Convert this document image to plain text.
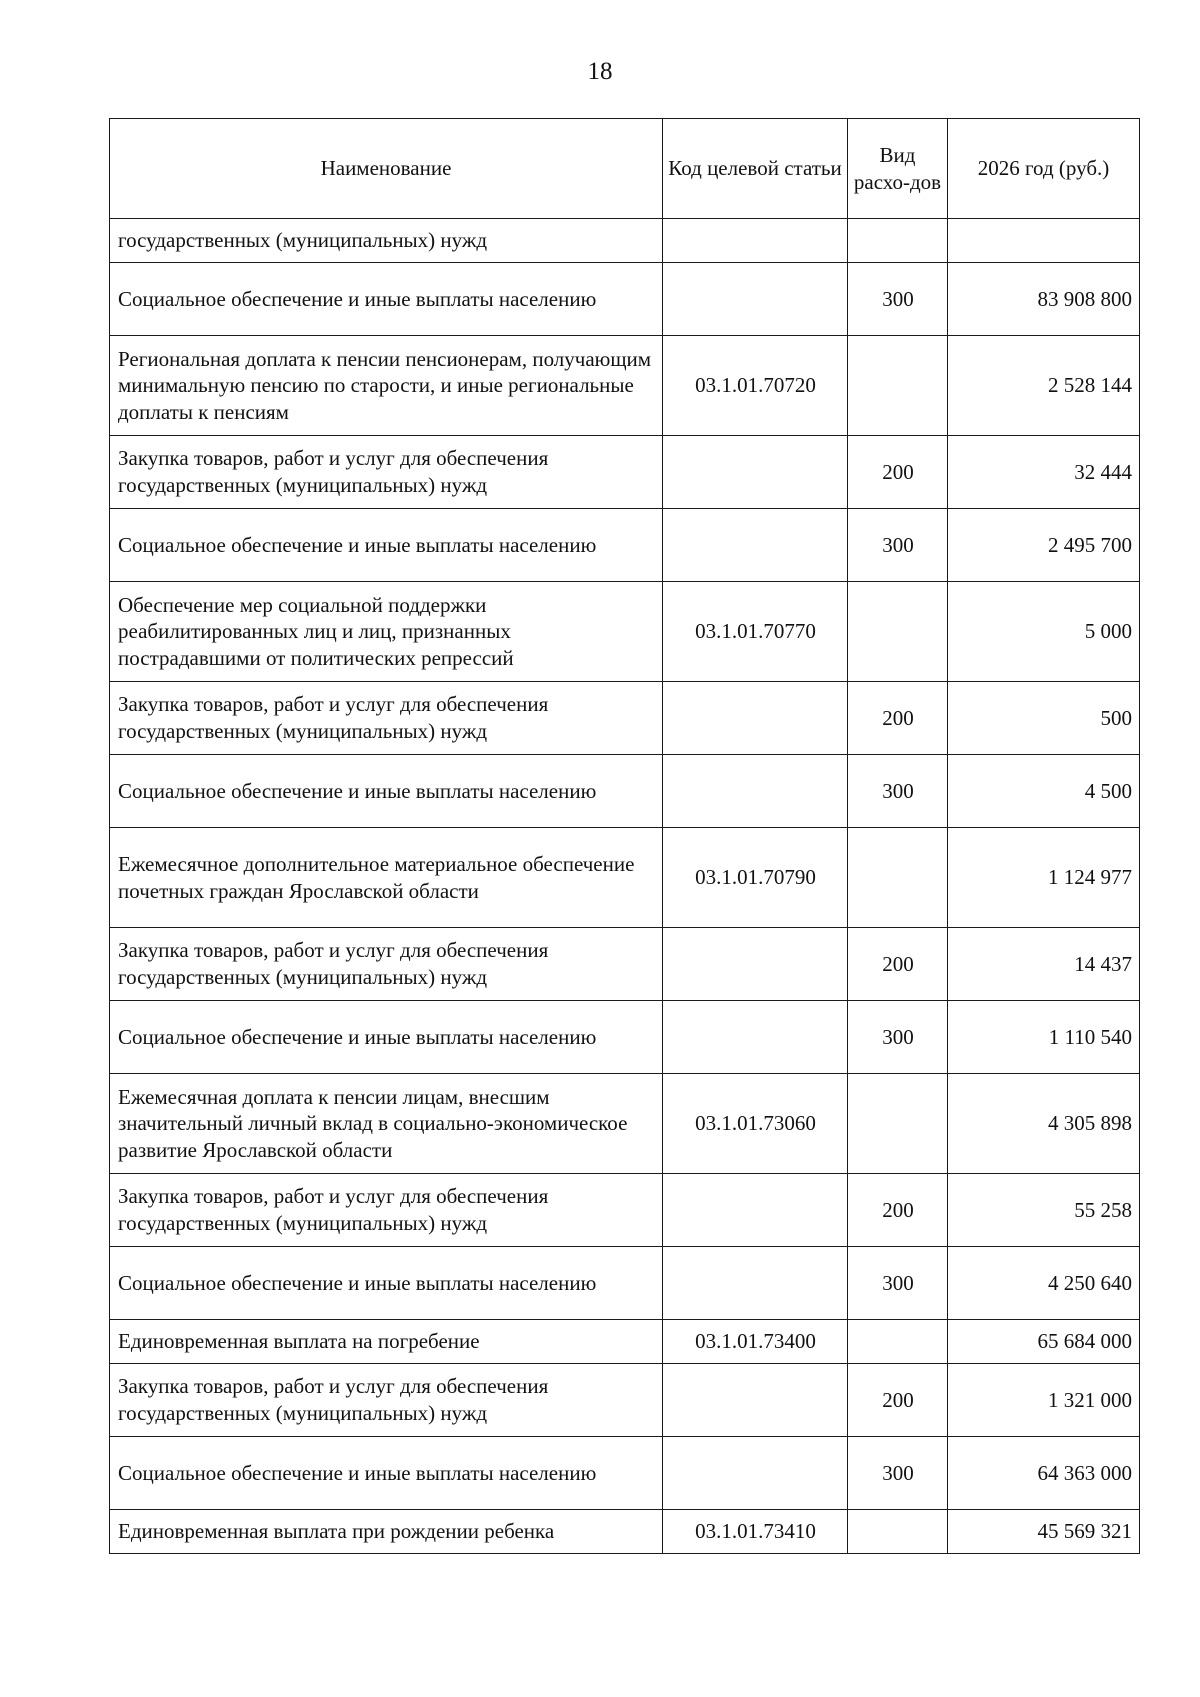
18
Наименование	Код целевой статьи	Вид расхо-дов	2026 год (руб.)
государственных (муниципальных) нужд			
Социальное обеспечение и иные выплаты населению		300	83 908 800
Региональная доплата к пенсии пенсионерам, получающим минимальную пенсию по старости, и иные региональные доплаты к пенсиям	03.1.01.70720		2 528 144
Закупка товаров, работ и услуг для обеспечения государственных (муниципальных) нужд		200	32 444
Социальное обеспечение и иные выплаты населению		300	2 495 700
Обеспечение мер социальной поддержки реабилитированных лиц и лиц, признанных пострадавшими от политических репрессий	03.1.01.70770		5 000
Закупка товаров, работ и услуг для обеспечения государственных (муниципальных) нужд		200	500
Социальное обеспечение и иные выплаты населению		300	4 500
Ежемесячное дополнительное материальное обеспечение почетных граждан Ярославской области	03.1.01.70790		1 124 977
Закупка товаров, работ и услуг для обеспечения государственных (муниципальных) нужд		200	14 437
Социальное обеспечение и иные выплаты населению		300	1 110 540
Ежемесячная доплата к пенсии лицам, внесшим значительный личный вклад в социально-экономическое развитие Ярославской области	03.1.01.73060		4 305 898
Закупка товаров, работ и услуг для обеспечения государственных (муниципальных) нужд		200	55 258
Социальное обеспечение и иные выплаты населению		300	4 250 640
Единовременная выплата на погребение	03.1.01.73400		65 684 000
Закупка товаров, работ и услуг для обеспечения государственных (муниципальных) нужд		200	1 321 000
Социальное обеспечение и иные выплаты населению		300	64 363 000
Единовременная выплата при рождении ребенка	03.1.01.73410		45 569 321
